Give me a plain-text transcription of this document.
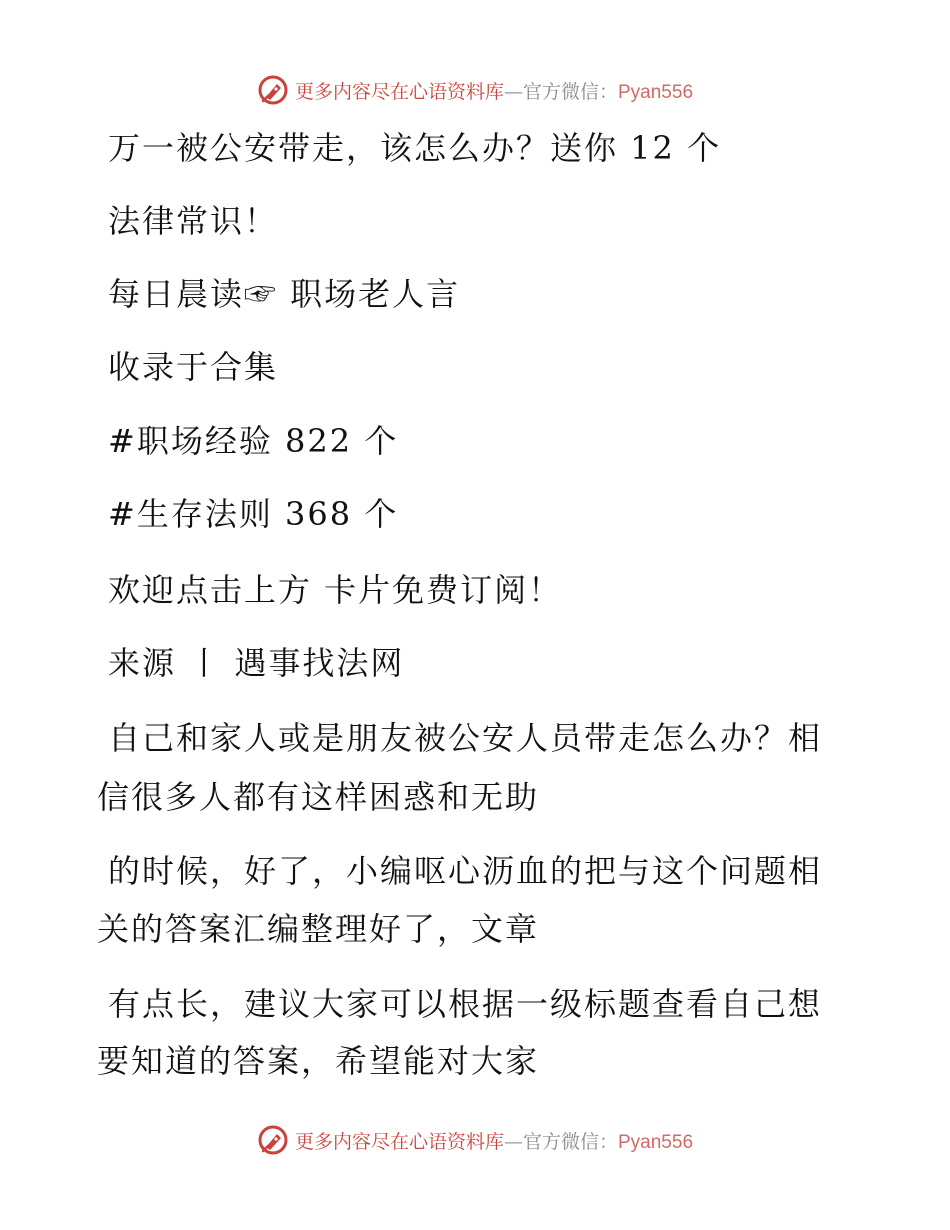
更多内容尽在心语资料库—官方微信：Pyan556
万一被公安带走，该怎么办？送你 12 个
法律常识！
每日晨读☞ 职场老人言
收录于合集
#职场经验 822 个
#生存法则 368 个
欢迎点击上方 卡片免费订阅！
来源 丨 遇事找法网
自己和家人或是朋友被公安人员带走怎么办？相
信很多人都有这样困惑和无助
的时候，好了，小编呕心沥血的把与这个问题相
关的答案汇编整理好了，文章
有点长，建议大家可以根据一级标题查看自己想
要知道的答案，希望能对大家
更多内容尽在心语资料库—官方微信：Pyan556
